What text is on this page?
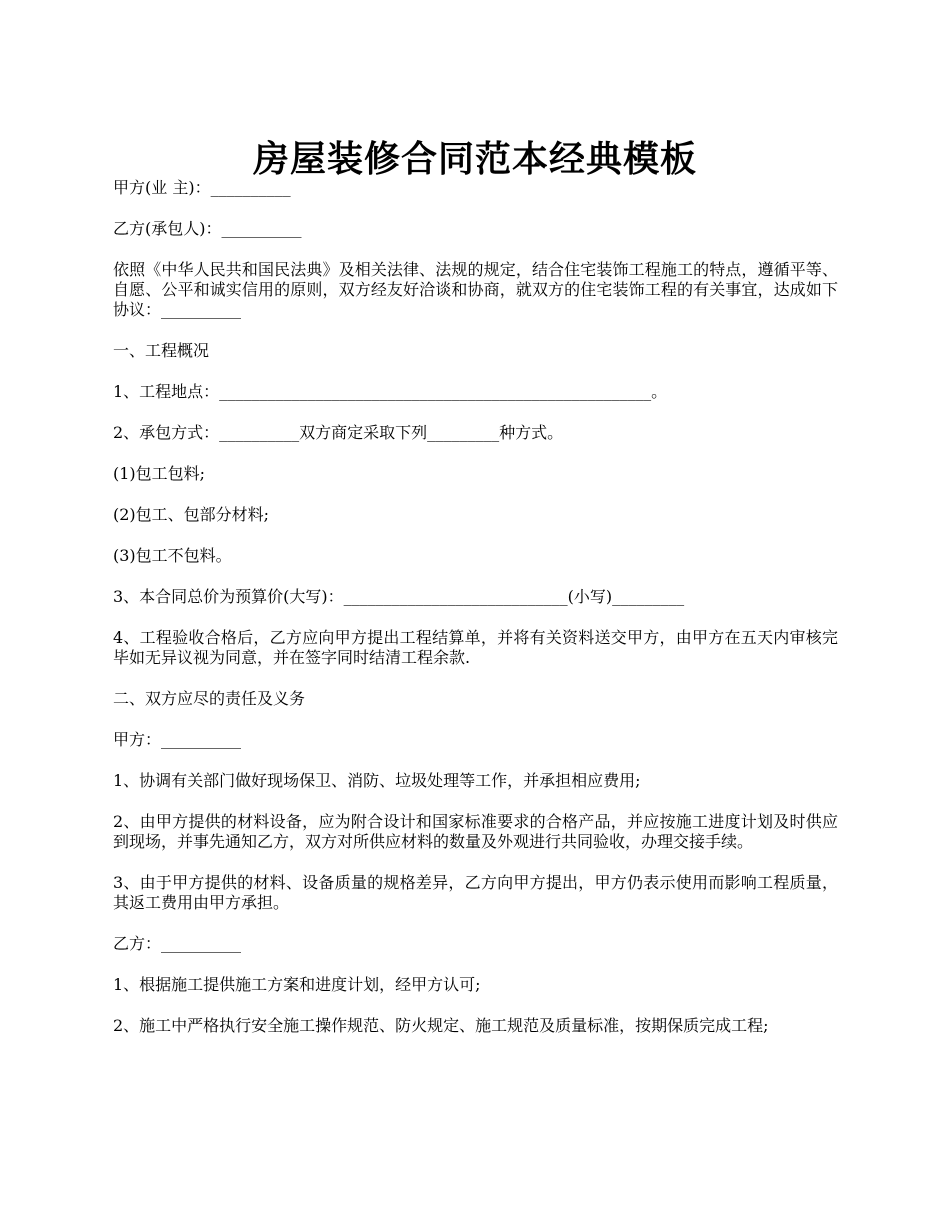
房屋装修合同范本经典模板

甲方(业 主)：__________

乙方(承包人)：__________

依照《中华人民共和国民法典》及相关法律、法规的规定，结合住宅装饰工程施工的特点，遵循平等、自愿、公平和诚实信用的原则，双方经友好洽谈和协商，就双方的住宅装饰工程的有关事宜，达成如下协议：__________

一、工程概况

1、工程地点：______________________________________________________。

2、承包方式：__________双方商定采取下列_________种方式。

(1)包工包料;

(2)包工、包部分材料;

(3)包工不包料。

3、本合同总价为预算价(大写)：____________________________(小写)_________

4、工程验收合格后，乙方应向甲方提出工程结算单，并将有关资料送交甲方，由甲方在五天内审核完毕如无异议视为同意，并在签字同时结清工程余款.

二、双方应尽的责任及义务

甲方：__________

1、协调有关部门做好现场保卫、消防、垃圾处理等工作，并承担相应费用;

2、由甲方提供的材料设备，应为附合设计和国家标准要求的合格产品，并应按施工进度计划及时供应到现场，并事先通知乙方，双方对所供应材料的数量及外观进行共同验收，办理交接手续。

3、由于甲方提供的材料、设备质量的规格差异，乙方向甲方提出，甲方仍表示使用而影响工程质量，其返工费用由甲方承担。

乙方：__________

1、根据施工提供施工方案和进度计划，经甲方认可;

2、施工中严格执行安全施工操作规范、防火规定、施工规范及质量标准，按期保质完成工程;
